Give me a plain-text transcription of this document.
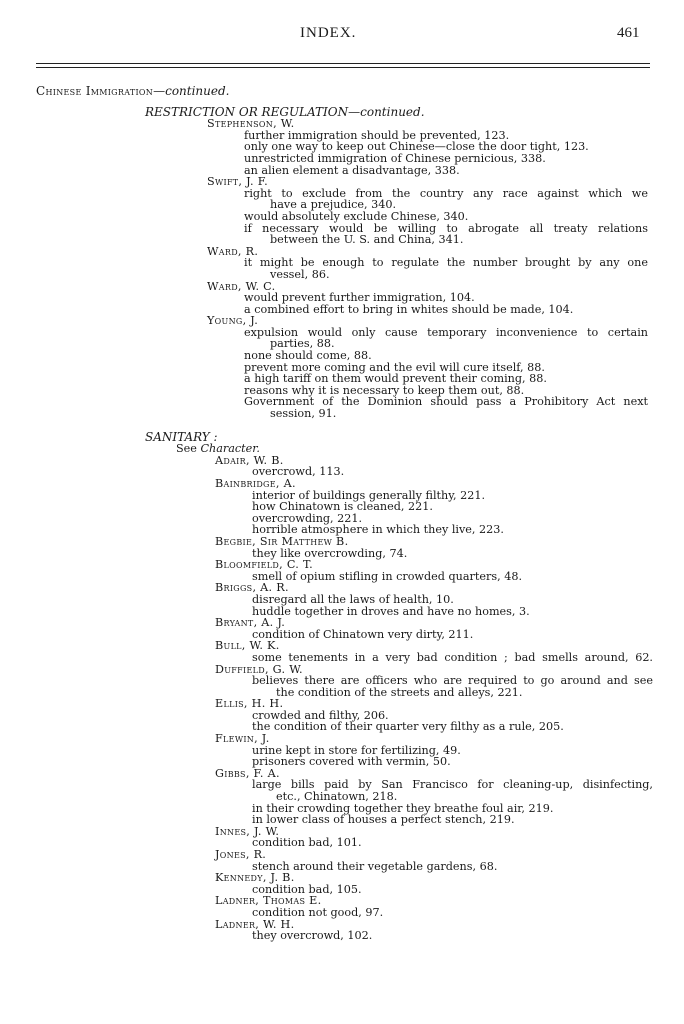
INDEX.	461
Chinese Immigration—continued.
RESTRICTION OR REGULATION—continued.
Stephenson, W.
further immigration should be prevented, 123.
only one way to keep out Chinese—close the door tight, 123.
unrestricted immigration of Chinese pernicious, 338.
an alien element a disadvantage, 338.
Swift, J. F.
right to exclude from the country any race against which we
have a prejudice, 340.
would absolutely exclude Chinese, 340.
if necessary would be willing to abrogate all treaty relations
between the U. S. and China, 341.
Ward, R.
it might be enough to regulate the number brought by any one
vessel, 86.
Ward, W. C.
would prevent further immigration, 104.
a combined effort to bring in whites should be made, 104.
Young, J.
expulsion would only cause temporary inconvenience to certain
parties, 88.
none should come, 88.
prevent more coming and the evil will cure itself, 88.
a high tariff on them would prevent their coming, 88.
reasons why it is necessary to keep them out, 88.
Government of the Dominion should pass a Prohibitory Act next
session, 91.
SANITARY :
See Character.
Adair, W. B.
overcrowd, 113.
Bainbridge, A.
interior of buildings generally filthy, 221.
how Chinatown is cleaned, 221.
overcrowding, 221.
horrible atmosphere in which they live, 223.
Begbie, Sir Matthew B.
they like overcrowding, 74.
Bloomfield, C. T.
smell of opium stifling in crowded quarters, 48.
Briggs, A. R.
disregard all the laws of health, 10.
huddle together in droves and have no homes, 3.
Bryant, A. J.
condition of Chinatown very dirty, 211.
Bull, W. K.
some tenements in a very bad condition ; bad smells around, 62.
Duffield, G. W.
believes there are officers who are required to go around and see
the condition of the streets and alleys, 221.
Ellis, H. H.
crowded and filthy, 206.
the condition of their quarter very filthy as a rule, 205.
Flewin, J.
urine kept in store for fertilizing, 49.
prisoners covered with vermin, 50.
Gibbs, F. A.
large bills paid by San Francisco for cleaning-up, disinfecting,
etc., Chinatown, 218.
in their crowding together they breathe foul air, 219.
in lower class of houses a perfect stench, 219.
Innes, J. W.
condition bad, 101.
Jones, R.
stench around their vegetable gardens, 68.
Kennedy, J. B.
condition bad, 105.
Ladner, Thomas E.
condition not good, 97.
Ladner, W. H.
they overcrowd, 102.
